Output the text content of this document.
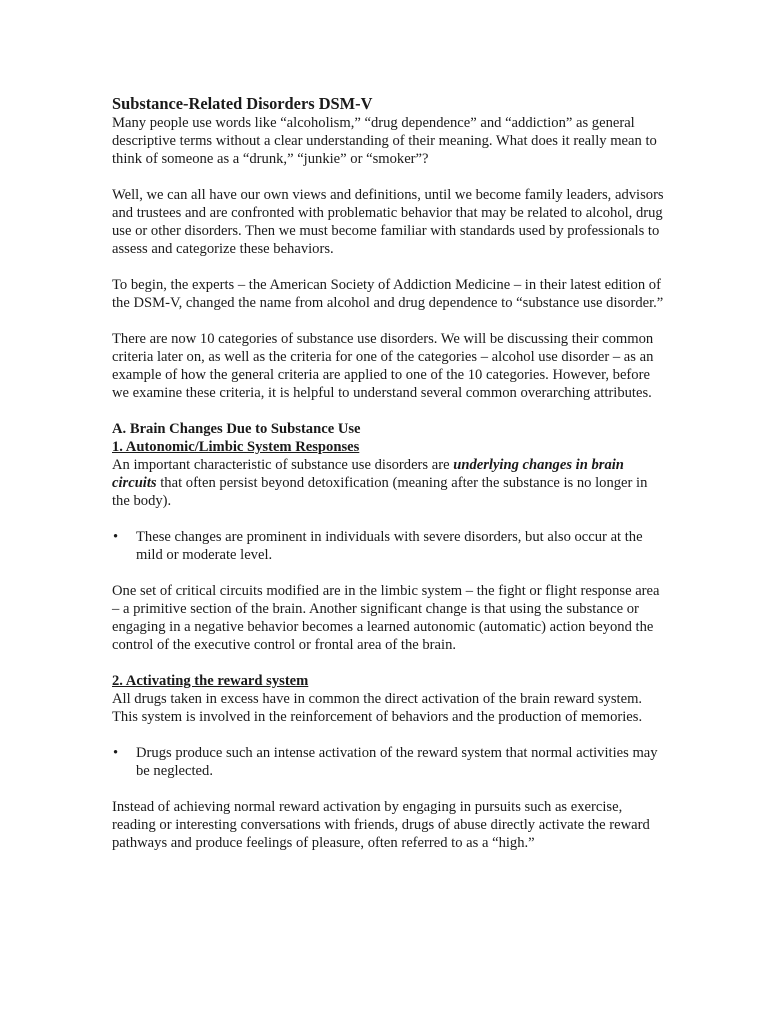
Substance-Related Disorders DSM-V

Many people use words like “alcoholism,” “drug dependence” and “addiction” as general descriptive terms without a clear understanding of their meaning. What does it really mean to think of someone as a “drunk,” “junkie” or “smoker”?

Well, we can all have our own views and definitions, until we become family leaders, advisors and trustees and are confronted with problematic behavior that may be related to alcohol, drug use or other disorders. Then we must become familiar with standards used by professionals to assess and categorize these behaviors.

To begin, the experts – the American Society of Addiction Medicine – in their latest edition of the DSM-V, changed the name from alcohol and drug dependence to “substance use disorder.”

There are now 10 categories of substance use disorders. We will be discussing their common criteria later on, as well as the criteria for one of the categories – alcohol use disorder – as an example of how the general criteria are applied to one of the 10 categories. However, before we examine these criteria, it is helpful to understand several common overarching attributes.

A. Brain Changes Due to Substance Use
1. Autonomic/Limbic System Responses

An important characteristic of substance use disorders are underlying changes in brain circuits that often persist beyond detoxification (meaning after the substance is no longer in the body).

• These changes are prominent in individuals with severe disorders, but also occur at the mild or moderate level.

One set of critical circuits modified are in the limbic system – the fight or flight response area – a primitive section of the brain. Another significant change is that using the substance or engaging in a negative behavior becomes a learned autonomic (automatic) action beyond the control of the executive control or frontal area of the brain.

2. Activating the reward system

All drugs taken in excess have in common the direct activation of the brain reward system. This system is involved in the reinforcement of behaviors and the production of memories.

• Drugs produce such an intense activation of the reward system that normal activities may be neglected.

Instead of achieving normal reward activation by engaging in pursuits such as exercise, reading or interesting conversations with friends, drugs of abuse directly activate the reward pathways and produce feelings of pleasure, often referred to as a “high.”
